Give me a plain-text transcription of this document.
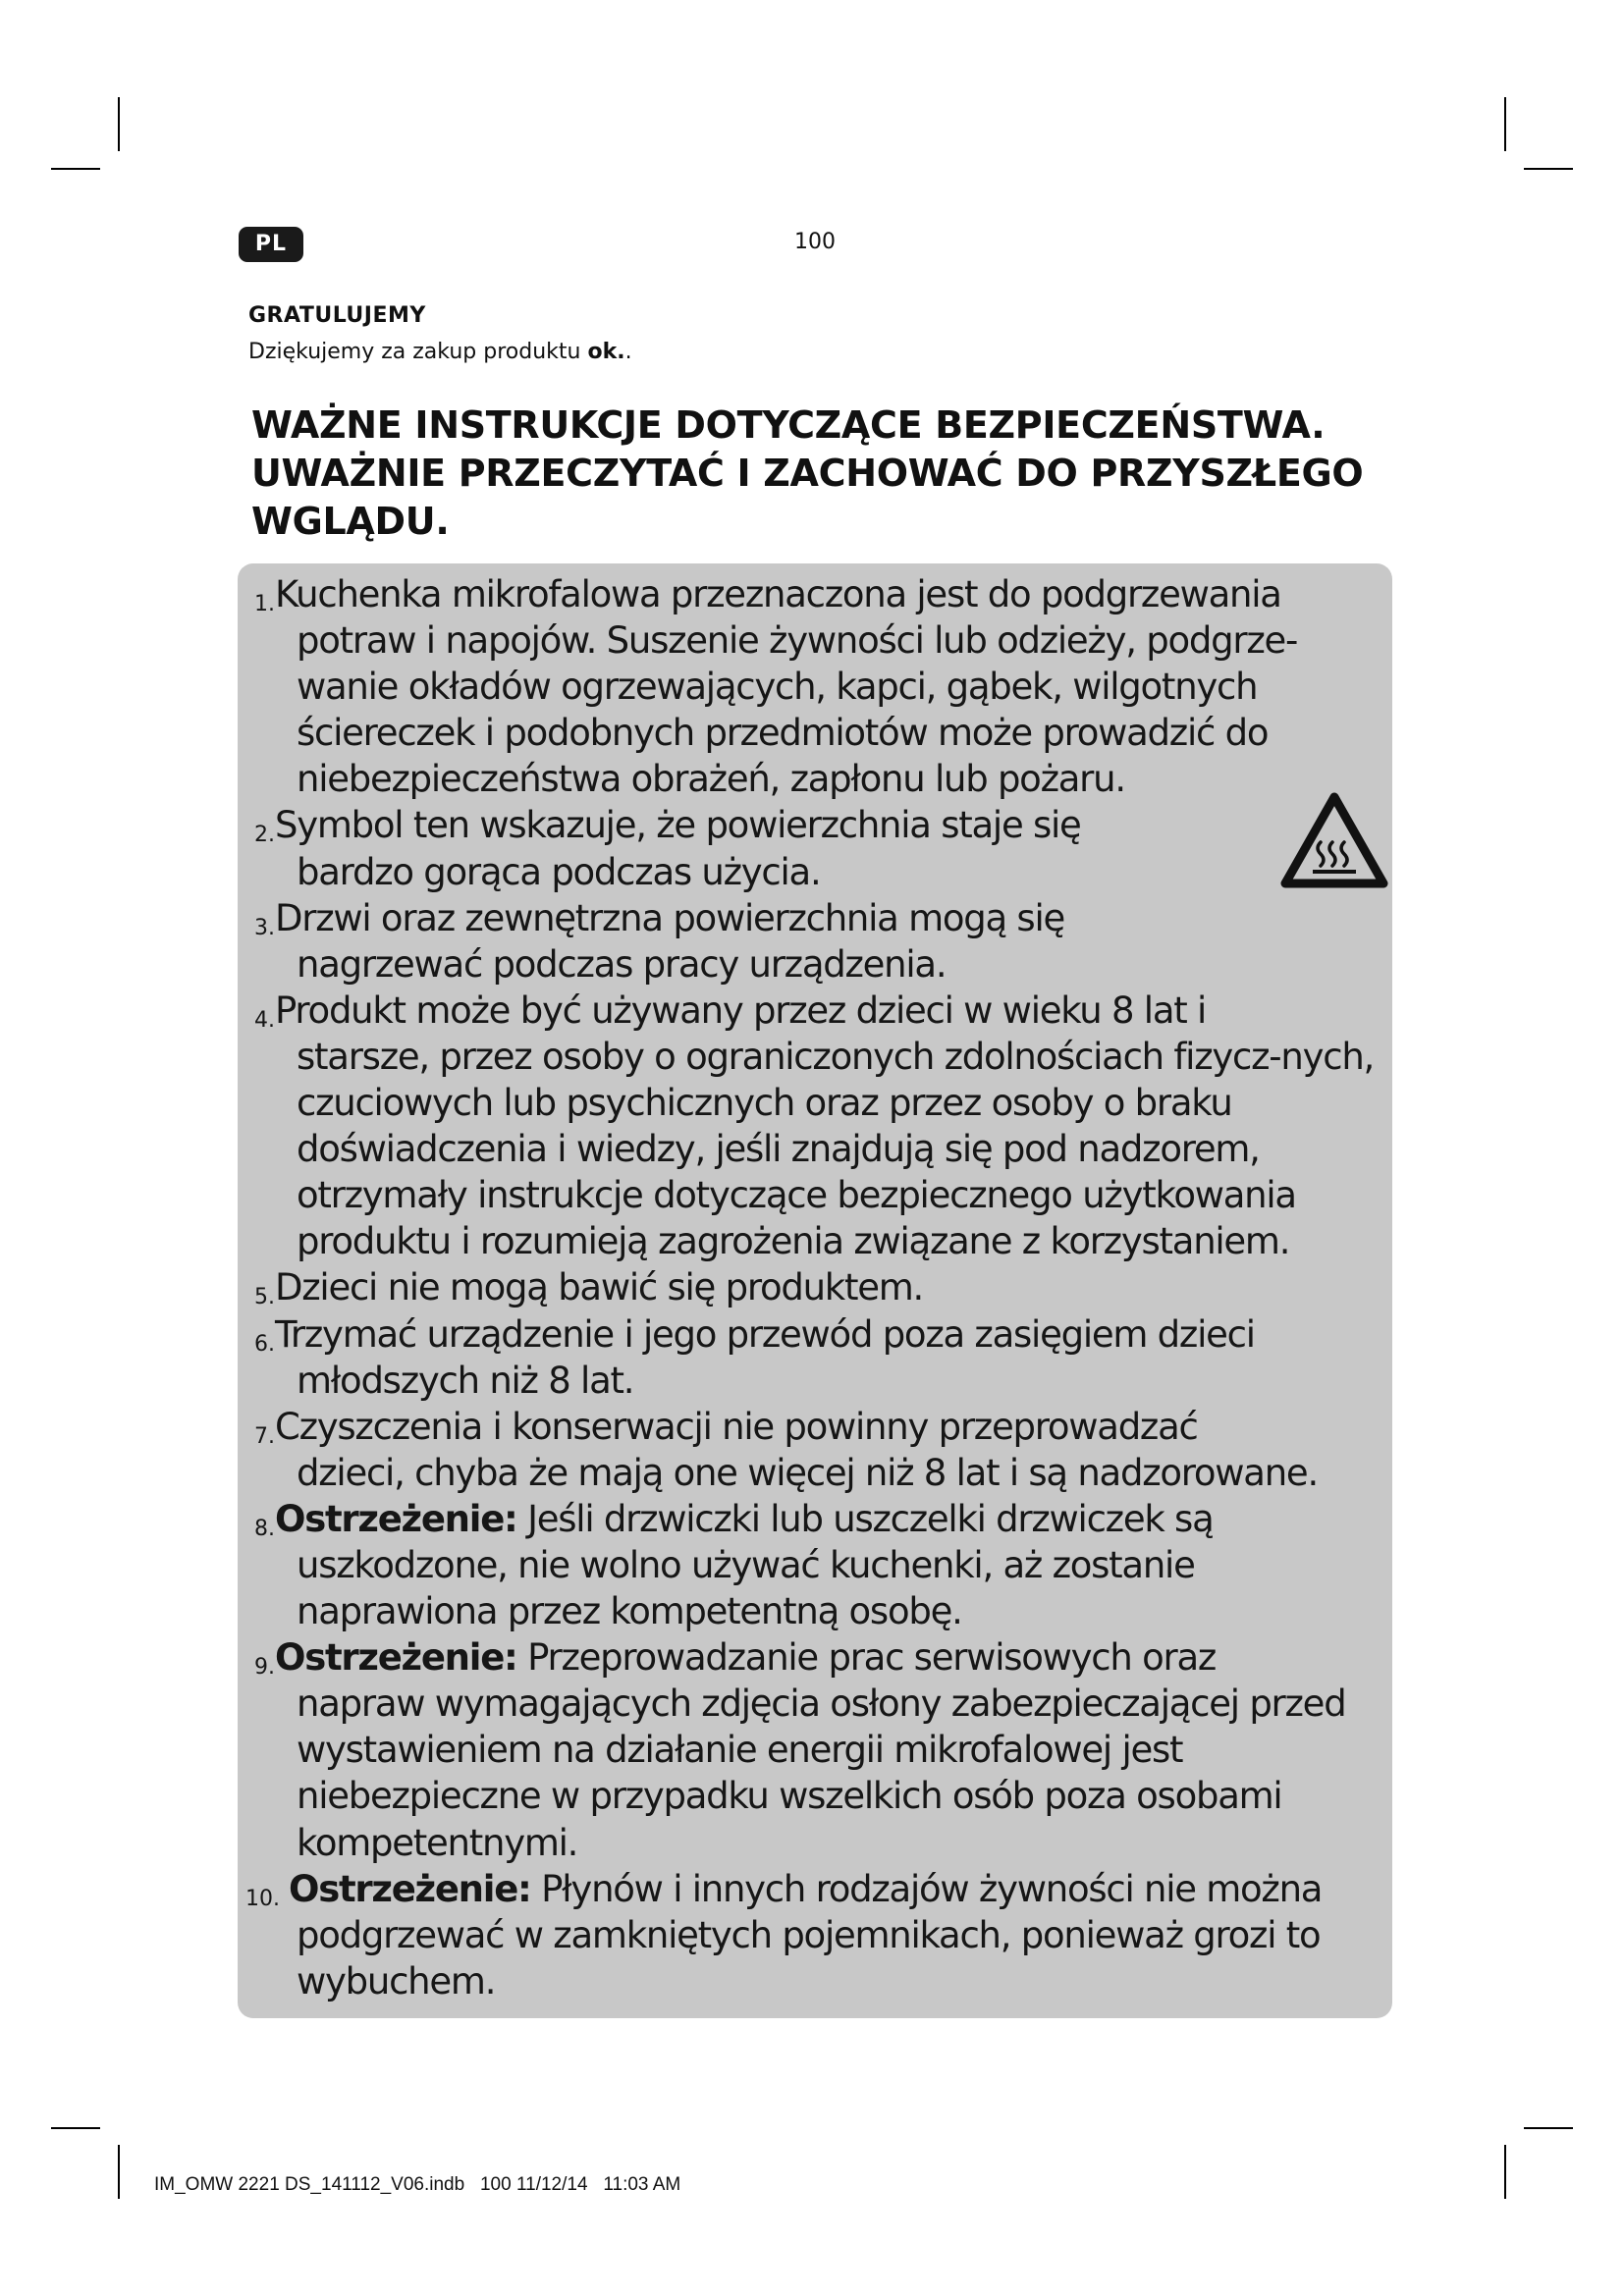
PL	100
GRATULUJEMY
Dziękujemy za zakup produktu ok..
WAŻNE INSTRUKCJE DOTYCZĄCE BEZPIECZEŃSTWA.
UWAŻNIE PRZECZYTAĆ I ZACHOWAĆ DO PRZYSZŁEGO
WGLĄDU.
1. Kuchenka mikrofalowa przeznaczona jest do podgrzewania
potraw i napojów. Suszenie żywności lub odzieży, podgrze-wanie okładów ogrzewających, kapci, gąbek, wilgotnych ściereczek i podobnych przedmiotów może prowadzić do niebezpieczeństwa obrażeń, zapłonu lub pożaru.
2. Symbol ten wskazuje, że powierzchnia staje się
bardzo gorąca podczas użycia.
3. Drzwi oraz zewnętrzna powierzchnia mogą się
nagrzewać podczas pracy urządzenia.
4. Produkt może być używany przez dzieci w wieku 8 lat i
starsze, przez osoby o ograniczonych zdolnościach fizycz-nych, czuciowych lub psychicznych oraz przez osoby o braku doświadczenia i wiedzy, jeśli znajdują się pod nadzorem, otrzymały instrukcje dotyczące bezpiecznego użytkowania produktu i rozumieją zagrożenia związane z korzystaniem.
5. Dzieci nie mogą bawić się produktem.
6. Trzymać urządzenie i jego przewód poza zasięgiem dzieci
młodszych niż 8 lat.
7. Czyszczenia i konserwacji nie powinny przeprowadzać
dzieci, chyba że mają one więcej niż 8 lat i są nadzorowane.
8. Ostrzeżenie: Jeśli drzwiczki lub uszczelki drzwiczek są
uszkodzone, nie wolno używać kuchenki, aż zostanie naprawiona przez kompetentną osobę.
9. Ostrzeżenie: Przeprowadzanie prac serwisowych oraz
napraw wymagających zdjęcia osłony zabezpieczającej przed wystawieniem na działanie energii mikrofalowej jest niebezpieczne w przypadku wszelkich osób poza osobami kompetentnymi.
10. Ostrzeżenie: Płynów i innych rodzajów żywności nie można
podgrzewać w zamkniętych pojemnikach, ponieważ grozi to wybuchem.
IM_OMW 2221 DS_141112_V06.indb   100 11/12/14   11:03 AM
